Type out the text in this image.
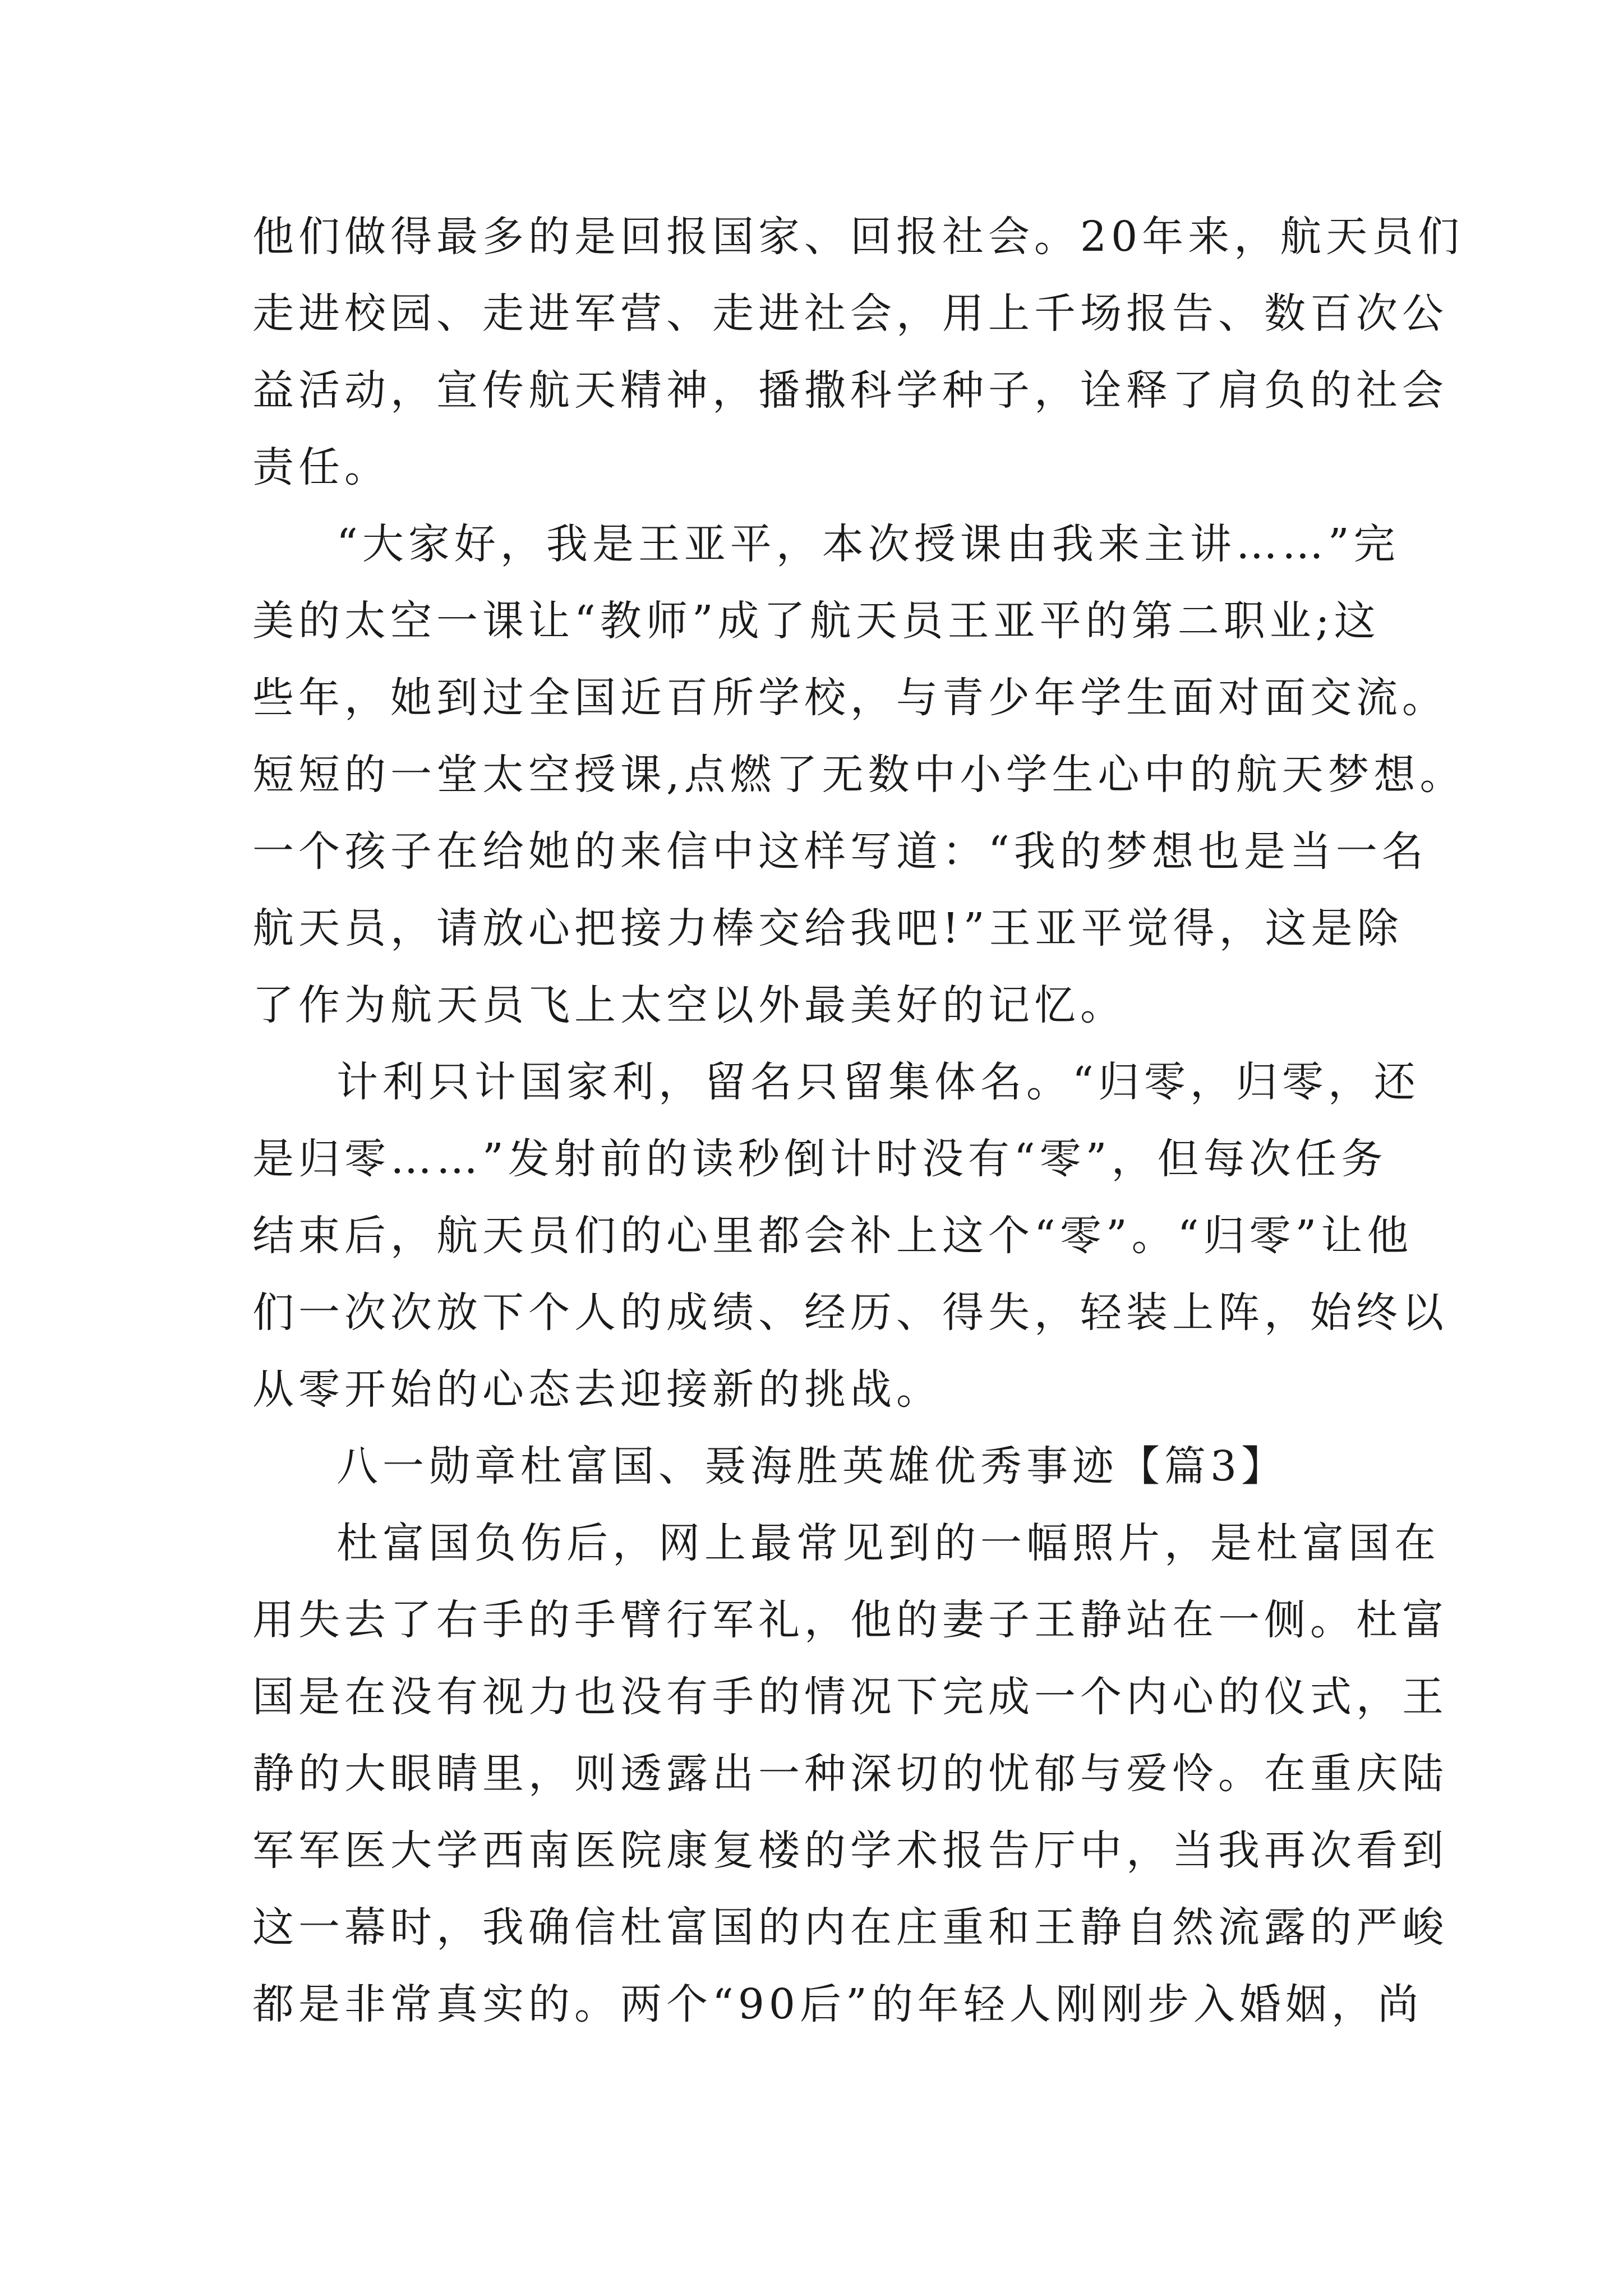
他们做得最多的是回报国家、回报社会。20年来，航天员们
走进校园、走进军营、走进社会，用上千场报告、数百次公
益活动，宣传航天精神，播撒科学种子，诠释了肩负的社会
责任。
“大家好，我是王亚平，本次授课由我来主讲……”完
美的太空一课让“教师”成了航天员王亚平的第二职业;这
些年，她到过全国近百所学校，与青少年学生面对面交流。
短短的一堂太空授课,点燃了无数中小学生心中的航天梦想。
一个孩子在给她的来信中这样写道：“我的梦想也是当一名
航天员，请放心把接力棒交给我吧!”王亚平觉得，这是除
了作为航天员飞上太空以外最美好的记忆。
计利只计国家利，留名只留集体名。“归零，归零，还
是归零……”发射前的读秒倒计时没有“零”，但每次任务
结束后，航天员们的心里都会补上这个“零”。“归零”让他
们一次次放下个人的成绩、经历、得失，轻装上阵，始终以
从零开始的心态去迎接新的挑战。
八一勋章杜富国、聂海胜英雄优秀事迹【篇3】
杜富国负伤后，网上最常见到的一幅照片，是杜富国在
用失去了右手的手臂行军礼，他的妻子王静站在一侧。杜富
国是在没有视力也没有手的情况下完成一个内心的仪式，王
静的大眼睛里，则透露出一种深切的忧郁与爱怜。在重庆陆
军军医大学西南医院康复楼的学术报告厅中，当我再次看到
这一幕时，我确信杜富国的内在庄重和王静自然流露的严峻
都是非常真实的。两个“90后”的年轻人刚刚步入婚姻，尚
